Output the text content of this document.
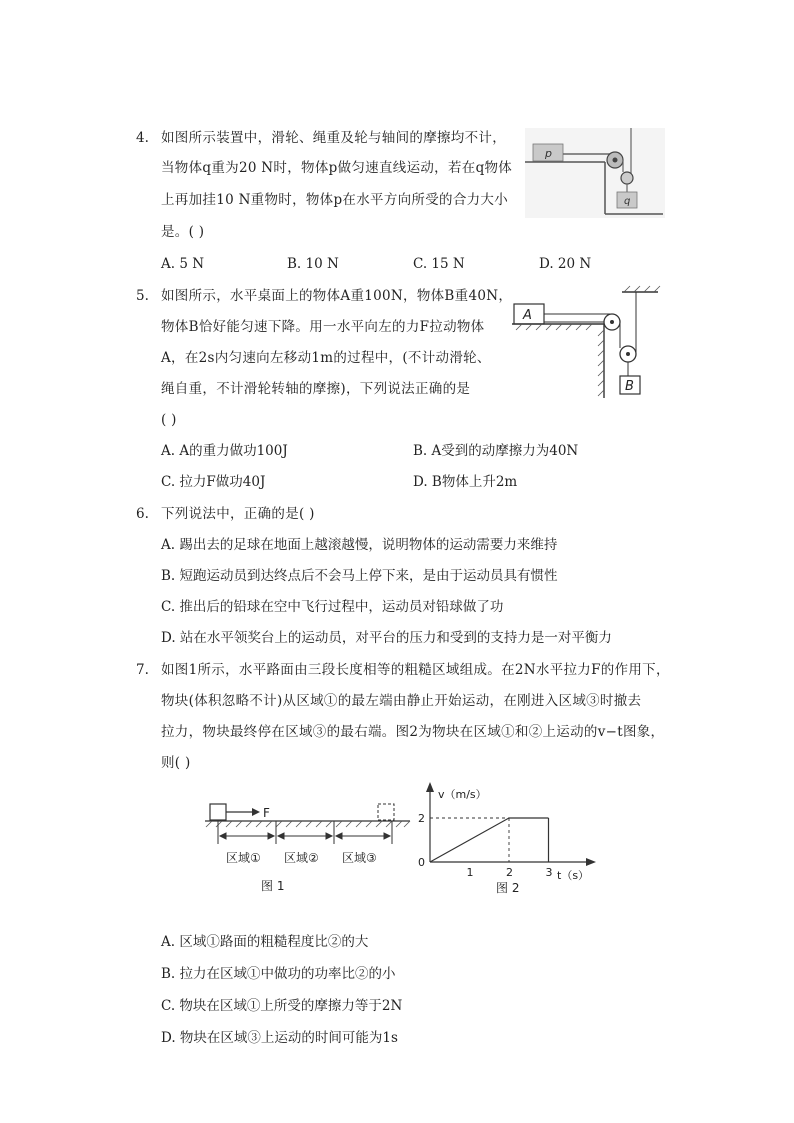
4. 如图所示装置中，滑轮、绳重及轮与轴间的摩擦均不计，
当物体q重为20 N时，物体p做匀速直线运动，若在q物体
上再加挂10 N重物时，物体p在水平方向所受的合力大小
是。( )
A. 5 N	B. 10 N	C. 15 N	D. 20 N
p
q
5. 如图所示，水平桌面上的物体A重100N，物体B重40N，
物体B恰好能匀速下降。用一水平向左的力F拉动物体
A，在2s内匀速向左移动1m的过程中，(不计动滑轮、
绳自重，不计滑轮转轴的摩擦)，下列说法正确的是
( )
A. A的重力做功100J	B. A受到的动摩擦力为40N
C. 拉力F做功40J	D. B物体上升2m
A
B
6. 下列说法中，正确的是( )
A. 踢出去的足球在地面上越滚越慢，说明物体的运动需要力来维持
B. 短跑运动员到达终点后不会马上停下来，是由于运动员具有惯性
C. 推出后的铅球在空中飞行过程中，运动员对铅球做了功
D. 站在水平领奖台上的运动员，对平台的压力和受到的支持力是一对平衡力
7. 如图1所示，水平路面由三段长度相等的粗糙区域组成。在2N水平拉力F的作用下，
物块(体积忽略不计)从区域①的最左端由静止开始运动，在刚进入区域③时撤去
拉力，物块最终停在区域③的最右端。图2为物块在区域①和②上运动的v−t图象，
则( )
F
区域① 区域② 区域③
图 1
v（m/s）
t（s）
0
2
1	2	3
图 2
A. 区域①路面的粗糙程度比②的大
B. 拉力在区域①中做功的功率比②的小
C. 物块在区域①上所受的摩擦力等于2N
D. 物块在区域③上运动的时间可能为1s
